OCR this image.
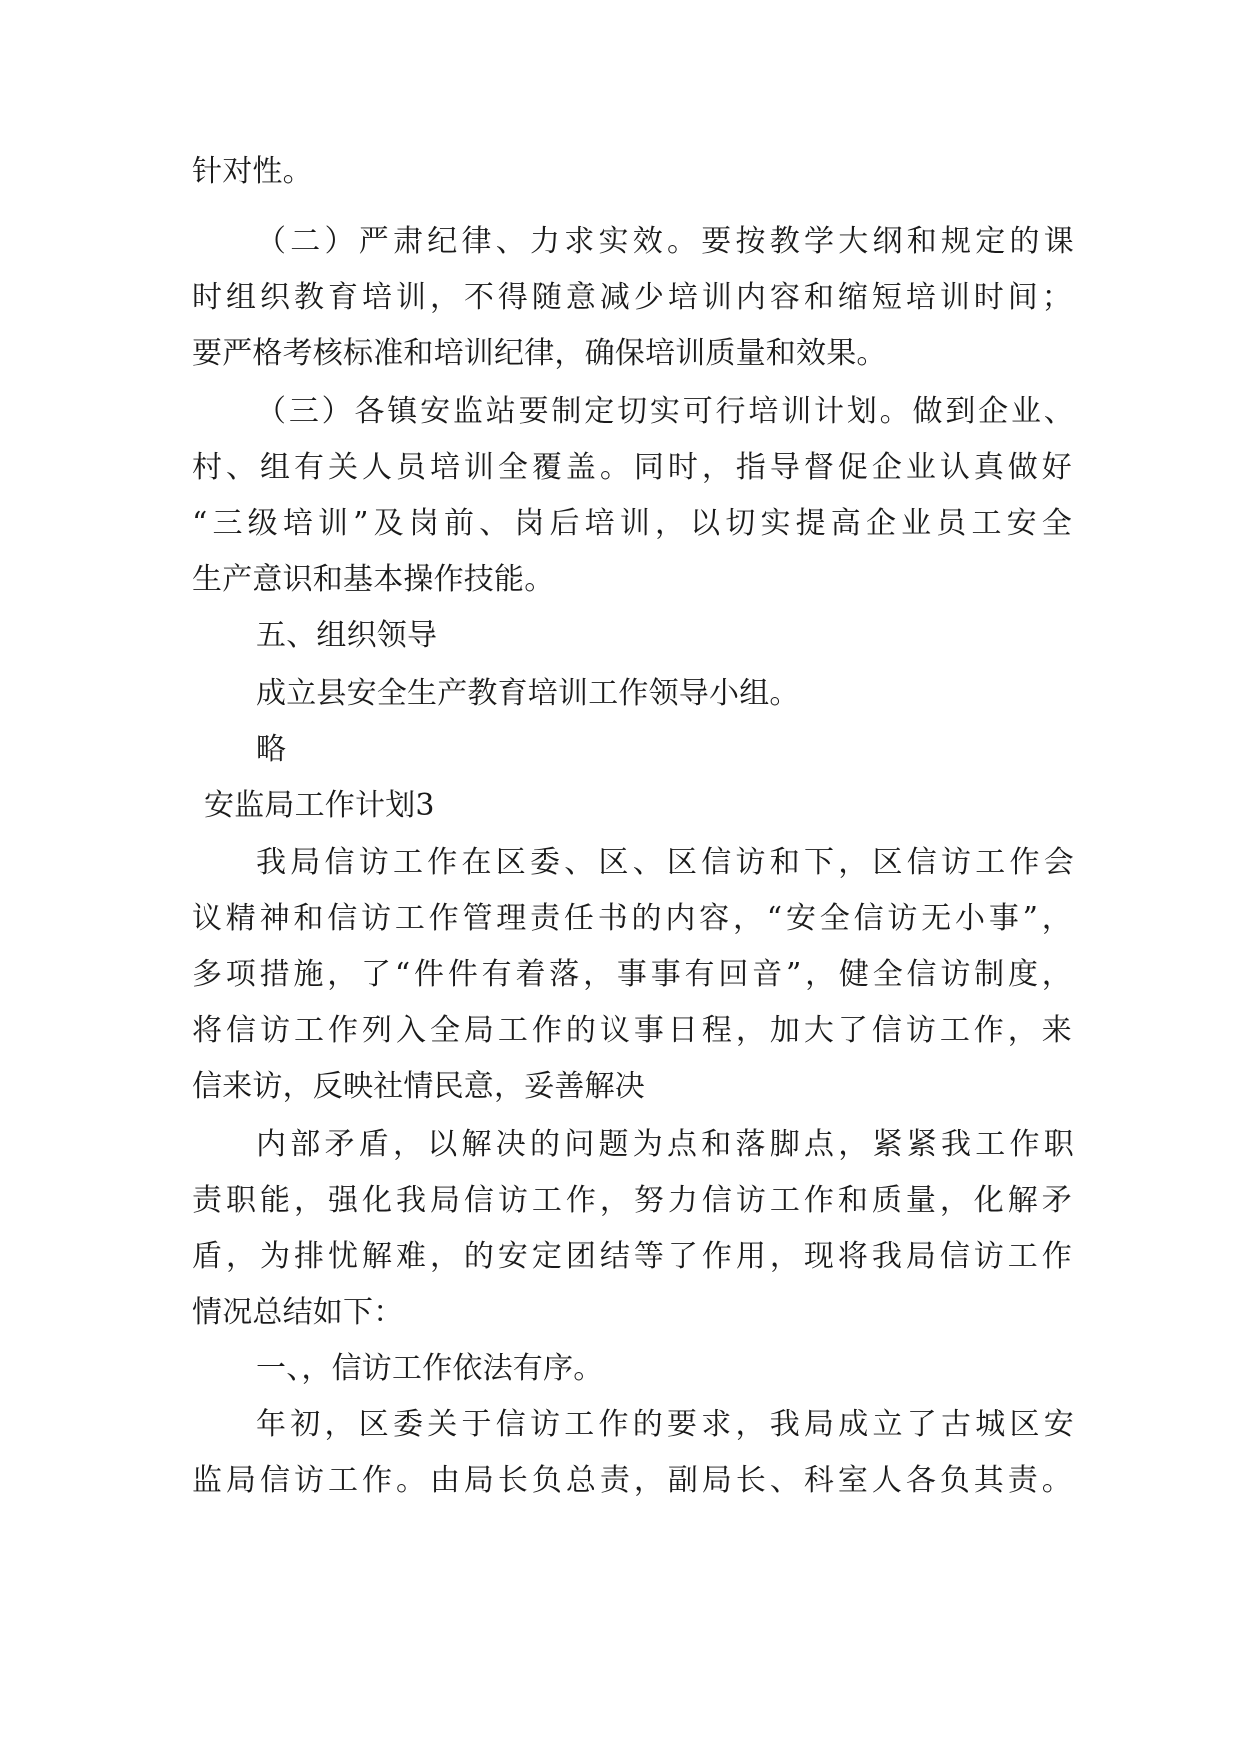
针对性。
（二）严肃纪律、力求实效。要按教学大纲和规定的课
时组织教育培训，不得随意减少培训内容和缩短培训时间；
要严格考核标准和培训纪律，确保培训质量和效果。
（三）各镇安监站要制定切实可行培训计划。做到企业、
村、组有关人员培训全覆盖。同时，指导督促企业认真做好
“三级培训”及岗前、岗后培训，以切实提高企业员工安全
生产意识和基本操作技能。
五、组织领导
成立县安全生产教育培训工作领导小组。
略
安监局工作计划3
我局信访工作在区委、区、区信访和下，区信访工作会
议精神和信访工作管理责任书的内容，“安全信访无小事”，
多项措施，了“件件有着落，事事有回音”，健全信访制度，
将信访工作列入全局工作的议事日程，加大了信访工作，来
信来访，反映社情民意，妥善解决
内部矛盾，以解决的问题为点和落脚点，紧紧我工作职
责职能，强化我局信访工作，努力信访工作和质量，化解矛
盾，为排忧解难，的安定团结等了作用，现将我局信访工作
情况总结如下：
一、，信访工作依法有序。
年初，区委关于信访工作的要求，我局成立了古城区安
监局信访工作。由局长负总责，副局长、科室人各负其责。
